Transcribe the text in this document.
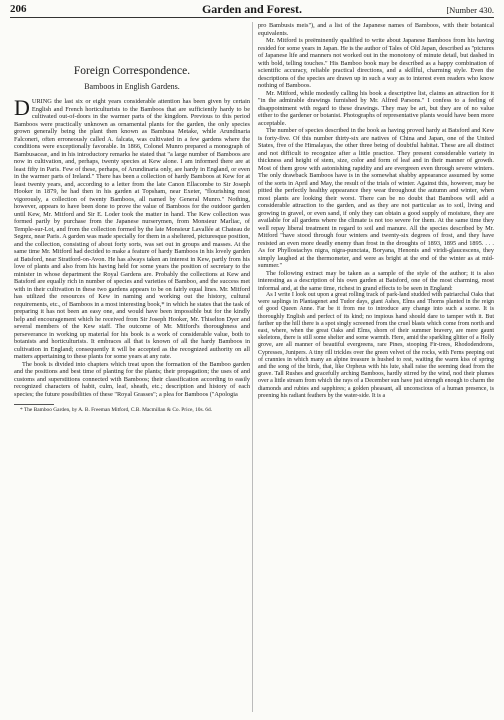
206	Garden and Forest.	[Number 430.
Foreign Correspondence.
Bamboos in English Gardens.

DURING the last six or eight years considerable attention has been given by certain English and French horticulturists to the Bamboos that are sufficiently hardy to be cultivated out-of-doors in the warmer parts of the kingdom. Previous to this period Bamboos were practically unknown as ornamental plants for the garden, the only species grown generally being the plant then known as Bambusa Metake, while Arundinaria Falconeri, often erroneously called A. falcata, was cultivated in a few gardens where the conditions were exceptionally favorable. In 1866, Colonel Munro prepared a monograph of Bambusaceæ, and in his introductory remarks he stated that "a large number of Bamboos are now in cultivation, and, perhaps, twenty species at Kew alone. I am informed there are at least fifty in Paris. Few of these, perhaps, of Arundinaria only, are hardy in England, or even in the warmer parts of Ireland." There has been a collection of hardy Bamboos at Kew for at least twenty years, and, according to a letter from the late Canon Ellacombe to Sir Joseph Hooker in 1879, he had then in his garden at Topsham, near Exeter, "flourishing most vigorously, a collection of twenty Bamboos, all named by General Munro." Nothing, however, appears to have been done to prove the value of Bamboos for the outdoor garden until Kew, Mr. Mitford and Sir E. Loder took the matter in hand. The Kew collection was formed partly by purchase from the Japanese nurserymen, from Monsieur Marliac, of Temple-sur-Lot, and from the collection formed by the late Monsieur Lavallée at Chateau de Segrez, near Paris. A garden was made specially for them in a sheltered, picturesque position, and the collection, consisting of about forty sorts, was set out in groups and masses. At the same time Mr. Mitford had decided to make a feature of hardy Bamboos in his lovely garden at Batsford, near Stratford-on-Avon. He has always taken an interest in Kew, partly from his love of plants and also from his having held for some years the position of secretary to the minister in whose department the Royal Gardens are. Probably the collections at Kew and Batsford are equally rich in number of species and varieties of Bamboo, and the success met with in their cultivation in these two gardens appears to be on fairly equal lines. Mr. Mitford has utilized the resources of Kew in naming and working out the history, cultural requirements, etc., of Bamboos in a most interesting book,* in which he states that the task of preparing it has not been an easy one, and would have been impossible but for the kindly help and encouragement which he received from Sir Joseph Hooker, Mr. Thiselton Dyer and several members of the Kew staff. The outcome of Mr. Mitford's thoroughness and perseverance in working up material for his book is a work of considerable value, both to botanists and horticulturists. It embraces all that is known of all the hardy Bamboos in cultivation in England; consequently it will be accepted as the recognized authority on all matters appertaining to these plants for some years at any rate.

The book is divided into chapters which treat upon the formation of the Bamboo garden and the positions and best time of planting for the plants; their propagation; the uses of and customs and superstitions connected with Bamboos; their classification according to easily recognized characters of habit, culm, leaf, sheath, etc.; description and history of each species; the future possibilities of these "Royal Grasses"; a plea for Bamboos ("Apologia

* The Bamboo Garden, by A. B. Freeman Mitford, C.B. Macmillan & Co. Price, 10s. 6d.

pro Bambusis meis"), and a list of the Japanese names of Bamboos, with their botanical equivalents.

Mr. Mitford is preëminently qualified to write about Japanese Bamboos from his having resided for some years in Japan. He is the author of Tales of Old Japan, described as "pictures of Japanese life and manners not worked out in the monotony of minute detail, but dashed in with bold, telling touches." His Bamboo book may be described as a happy combination of scientific accuracy, reliable practical directions, and a skillful, charming style. Even the descriptions of the species are drawn up in such a way as to interest even readers who know nothing of Bamboos.

Mr. Mitford, while modestly calling his book a descriptive list, claims an attraction for it "in the admirable drawings furnished by Mr. Alfred Parsons." I confess to a feeling of disappointment with regard to these drawings. They may be art, but they are of no value either to the gardener or botanist. Photographs of representative plants would have been more acceptable.

The number of species described in the book as having proved hardy at Batsford and Kew is forty-five. Of this number thirty-six are natives of China and Japan, one of the United States, five of the Himalayas, the other three being of doubtful habitat. These are all distinct and not difficult to recognize after a little practice. They present considerable variety in thickness and height of stem, size, color and form of leaf and in their manner of growth. Most of them grow with astonishing rapidity and are evergreen even through severe winters. The only drawback Bamboos have is in the somewhat shabby appearance assumed by some of the sorts in April and May, the result of the trials of winter. Against this, however, may be pitted the perfectly healthy appearance they wear throughout the autumn and winter, when most plants are looking their worst. There can be no doubt that Bamboos will add a considerable attraction to the garden, and as they are not particular as to soil, living and growing in gravel, or even sand, if only they can obtain a good supply of moisture, they are available for all gardens where the climate is not too severe for them. At the same time they well repay liberal treatment in regard to soil and manure. All the species described by Mr. Mitford "have stood through four winters and twenty-six degrees of frost, and they have resisted an even more deadly enemy than frost in the droughts of 1893, 1895 and 1895. . . . As for Phyllostachys nigra, nigra-punctata, Boryana, Henonis and viridi-glaucescens, they simply laughed at the thermometer, and were as bright at the end of the winter as at mid-summer."

The following extract may be taken as a sample of the style of the author; it is also interesting as a description of his own garden at Batsford, one of the most charming, most informal and, at the same time, richest in grand effects to be seen in England:

As I write I look out upon a great rolling track of park-land studded with patriarchal Oaks that were saplings in Plantagenet and Tudor days, giant Ashes, Elms and Thorns planted in the reign of good Queen Anne. Far be it from me to introduce any change into such a scene. It is thoroughly English and perfect of its kind; no impious hand should dare to tamper with it. But farther up the hill there is a spot singly screened from the cruel blasts which come from north and east, where, when the great Oaks and Elms, shorn of their summer bravery, are mere gaunt skeletons, there is still some shelter and some warmth. Here, amid the sparkling glitter of a Holly grove, are all manner of beautiful evergreens, rare Pines, stooping Fir-trees, Rhododendrons, Cypresses, Junipers. A tiny rill trickles over the green velvet of the rocks, with Ferns peeping out of crannies in which many an alpine treasure is hushed to rest, waiting the warm kiss of spring and the song of the birds, that, like Orpheus with his lute, shall raise the seeming dead from the grave. Tall Rushes and gracefully arching Bamboos, hardly stirred by the wind, nod their plumes over a little stream from which the rays of a December sun have just strength enough to charm the diamonds and rubies and sapphires; a golden pheasant, all unconscious of a human presence, is preening his radiant feathers by the water-side. It is a
